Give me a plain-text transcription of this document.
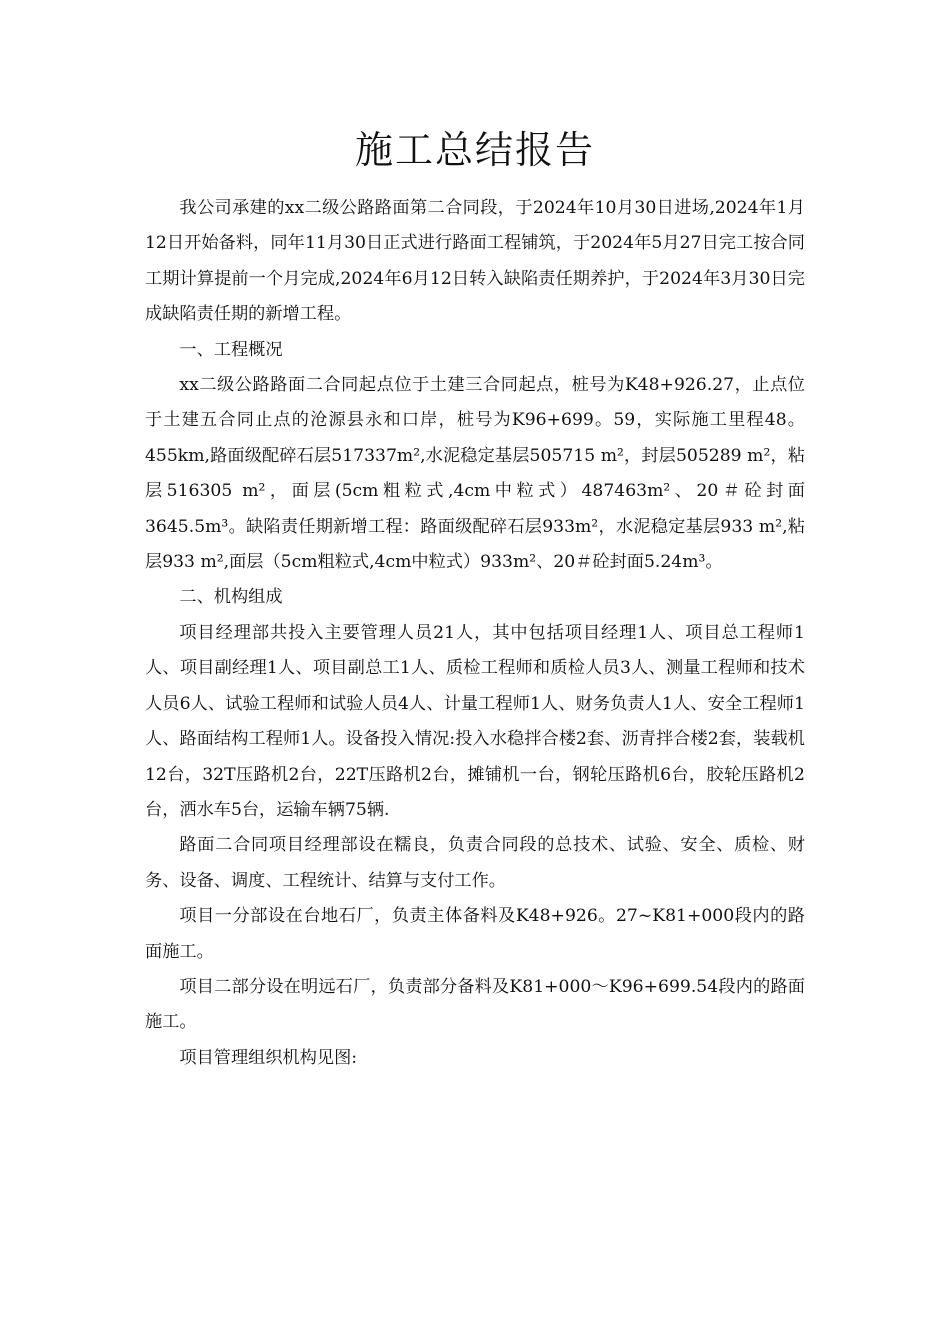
施工总结报告

我公司承建的xx二级公路路面第二合同段，于2024年10月30日进场,2024年1月12日开始备料，同年11月30日正式进行路面工程铺筑，于2024年5月27日完工按合同工期计算提前一个月完成,2024年6月12日转入缺陷责任期养护，于2024年3月30日完成缺陷责任期的新增工程。

一、工程概况

xx二级公路路面二合同起点位于土建三合同起点，桩号为K48+926.27，止点位于土建五合同止点的沧源县永和口岸，桩号为K96+699。59，实际施工里程48。455km,路面级配碎石层517337m²,水泥稳定基层505715 m²，封层505289 m²，粘层516305 m²，面层(5cm粗粒式,4cm中粒式）487463m²、20＃砼封面3645.5m³。缺陷责任期新增工程：路面级配碎石层933m²，水泥稳定基层933 m²,粘层933 m²,面层（5cm粗粒式,4cm中粒式）933m²、20＃砼封面5.24m³。

二、机构组成

项目经理部共投入主要管理人员21人，其中包括项目经理1人、项目总工程师1人、项目副经理1人、项目副总工1人、质检工程师和质检人员3人、测量工程师和技术人员6人、试验工程师和试验人员4人、计量工程师1人、财务负责人1人、安全工程师1人、路面结构工程师1人。设备投入情况:投入水稳拌合楼2套、沥青拌合楼2套，装载机12台，32T压路机2台，22T压路机2台，摊铺机一台，钢轮压路机6台，胶轮压路机2台，洒水车5台，运输车辆75辆.

路面二合同项目经理部设在糯良，负责合同段的总技术、试验、安全、质检、财务、设备、调度、工程统计、结算与支付工作。

项目一分部设在台地石厂，负责主体备料及K48+926。27~K81+000段内的路面施工。

项目二部分设在明远石厂，负责部分备料及K81+000～K96+699.54段内的路面施工。

项目管理组织机构见图:
